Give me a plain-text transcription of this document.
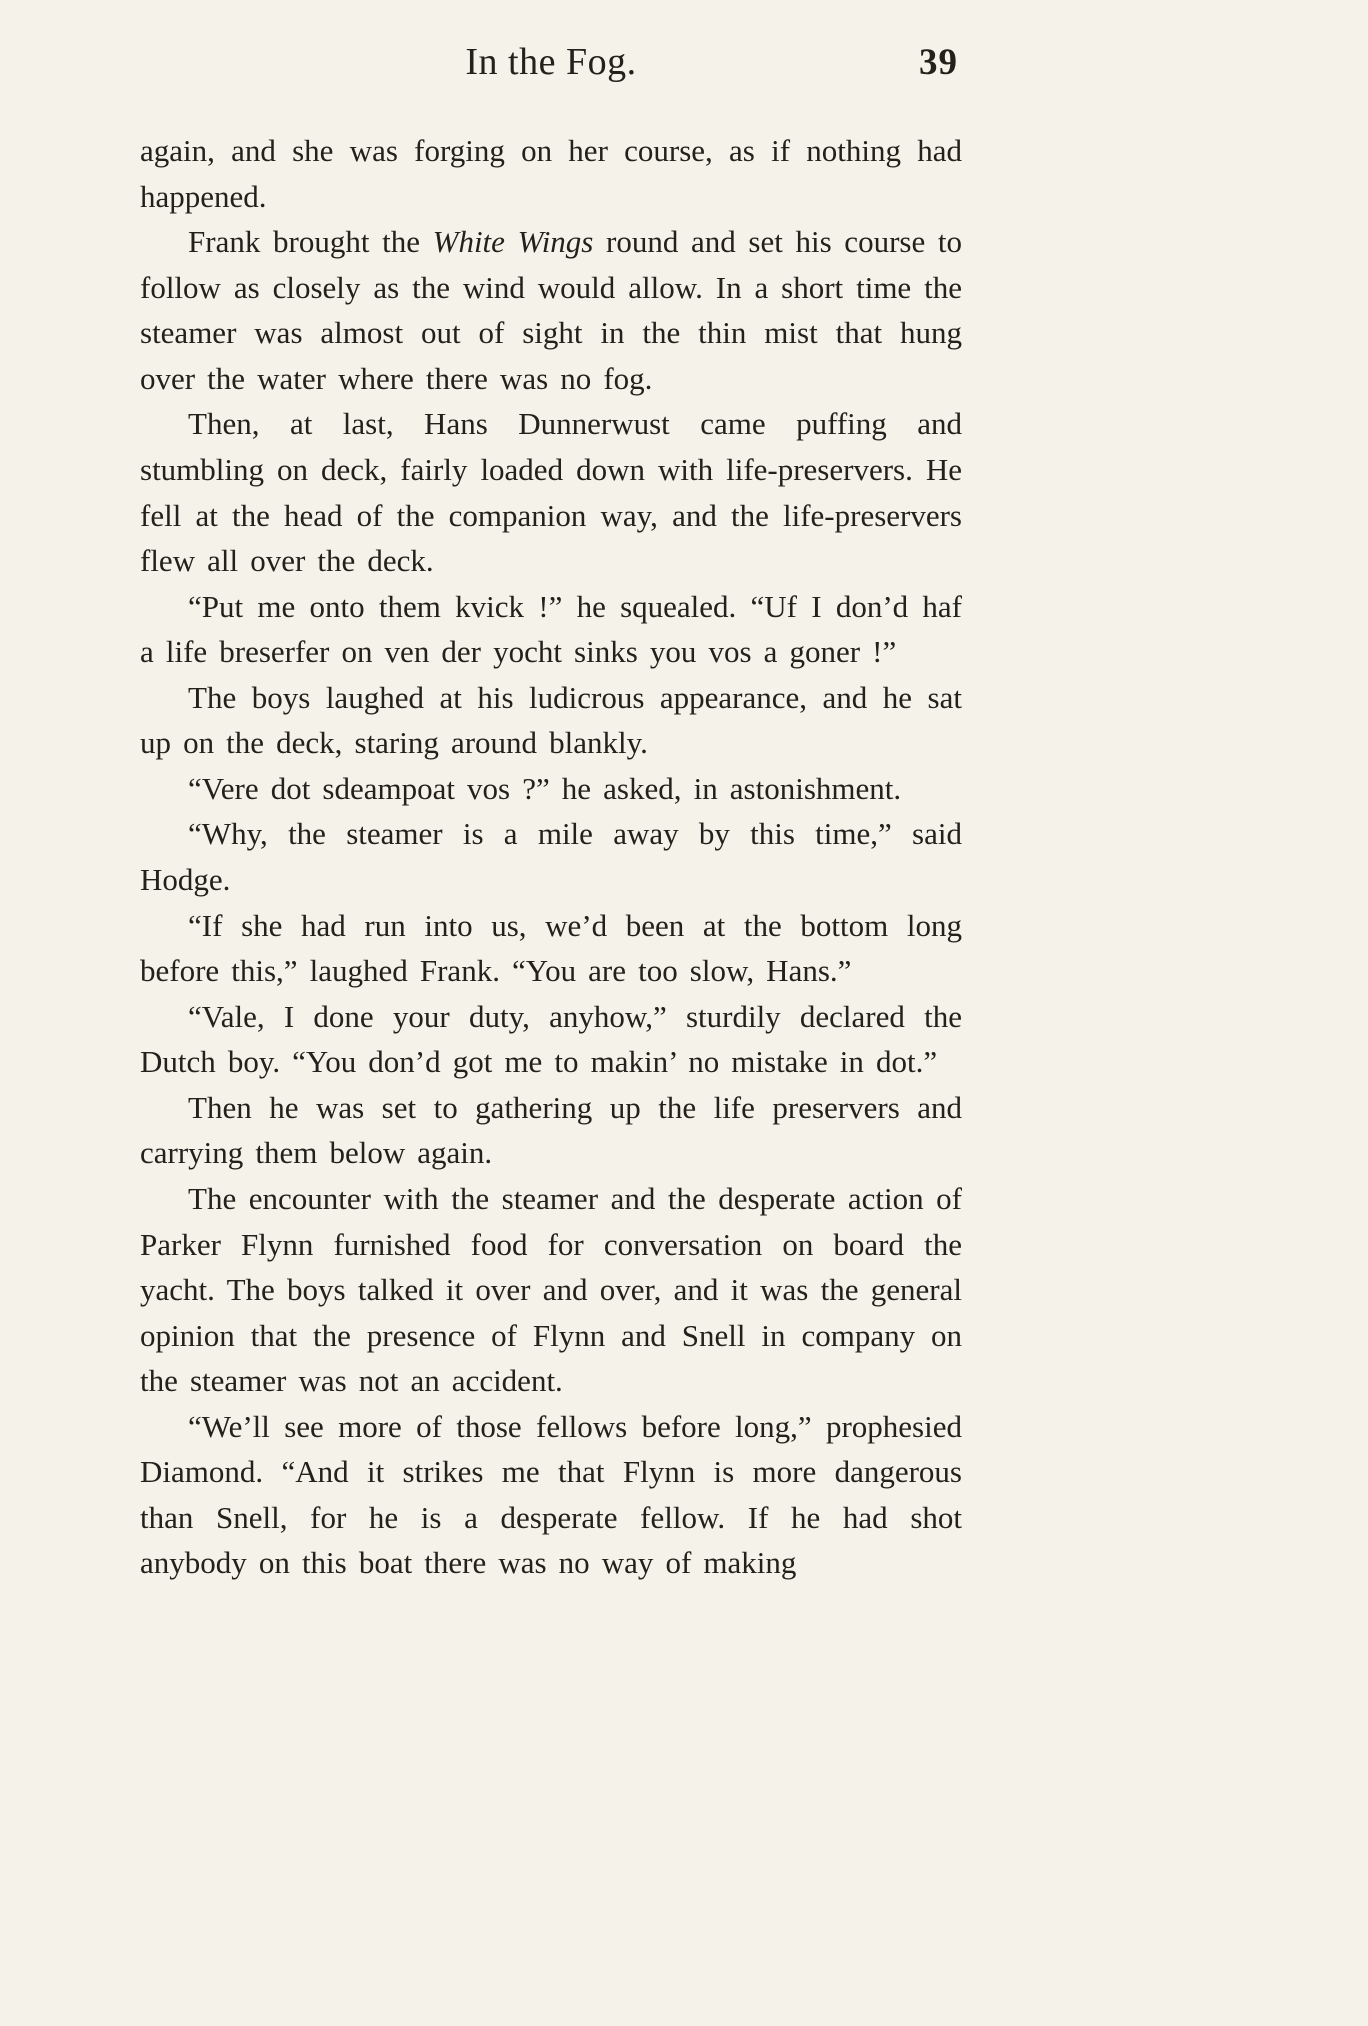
In the Fog.	39

again, and she was forging on her course, as if nothing had happened.

Frank brought the White Wings round and set his course to follow as closely as the wind would allow. In a short time the steamer was almost out of sight in the thin mist that hung over the water where there was no fog.

Then, at last, Hans Dunnerwust came puffing and stumbling on deck, fairly loaded down with life-preservers. He fell at the head of the companion way, and the life-preservers flew all over the deck.

“Put me onto them kvick !” he squealed. “Uf I don’d haf a life breserfer on ven der yocht sinks you vos a goner !”

The boys laughed at his ludicrous appearance, and he sat up on the deck, staring around blankly.

“Vere dot sdeampoat vos ?” he asked, in astonishment.

“Why, the steamer is a mile away by this time,” said Hodge.

“If she had run into us, we’d been at the bottom long before this,” laughed Frank. “You are too slow, Hans.”

“Vale, I done your duty, anyhow,” sturdily declared the Dutch boy. “You don’d got me to makin’ no mistake in dot.”

Then he was set to gathering up the life preservers and carrying them below again.

The encounter with the steamer and the desperate action of Parker Flynn furnished food for conversation on board the yacht. The boys talked it over and over, and it was the general opinion that the presence of Flynn and Snell in company on the steamer was not an accident.

“We’ll see more of those fellows before long,” prophesied Diamond. “And it strikes me that Flynn is more dangerous than Snell, for he is a desperate fellow. If he had shot anybody on this boat there was no way of making
